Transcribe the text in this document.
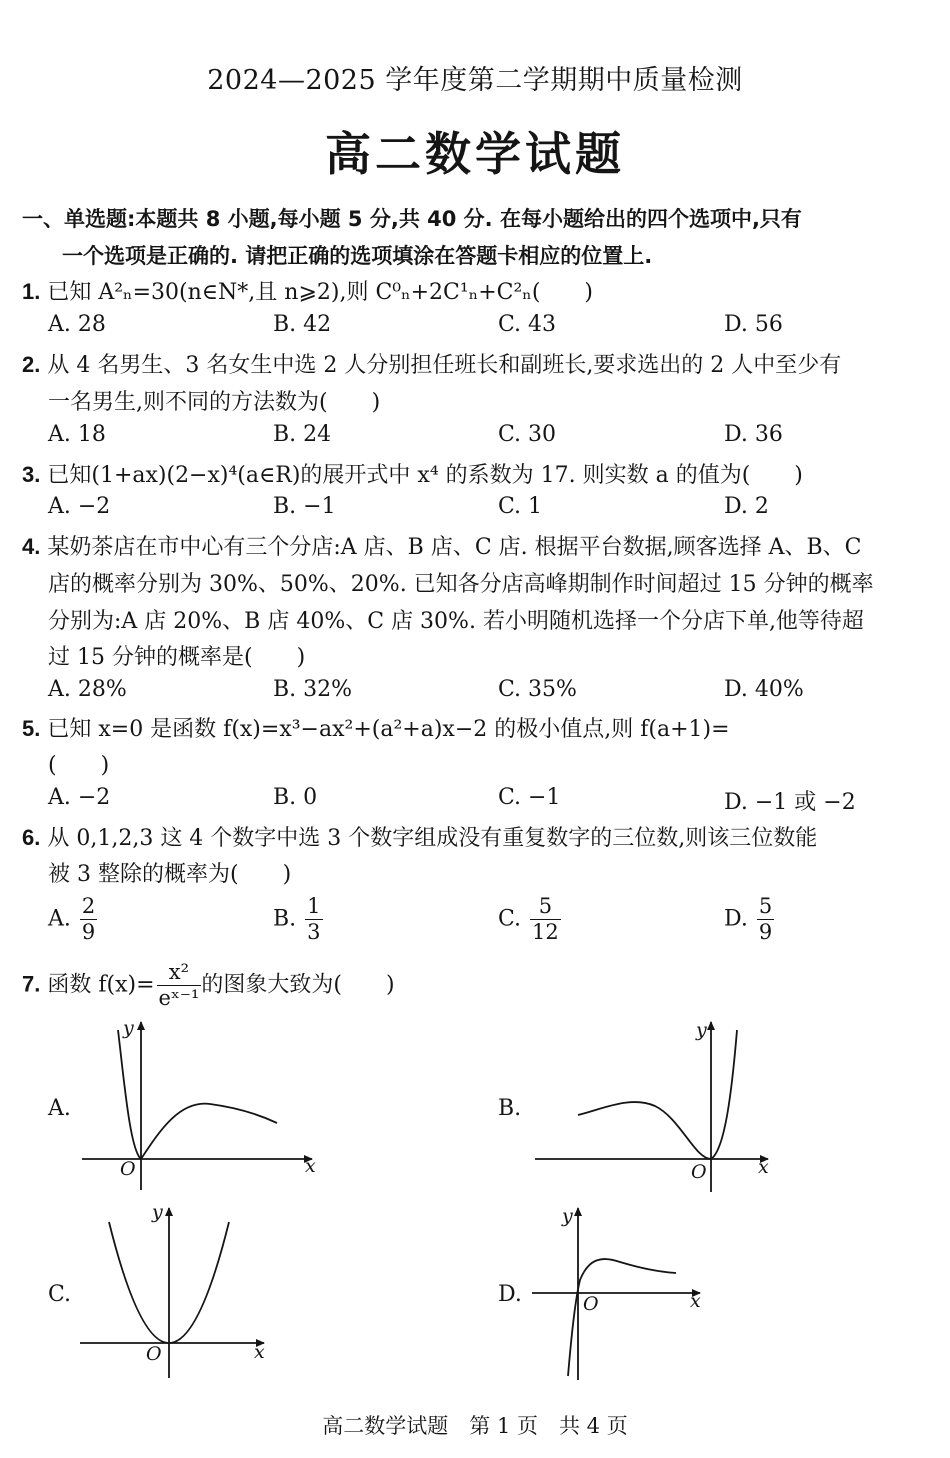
2024—2025 学年度第二学期期中质量检测
高二数学试题
一、单选题:本题共 8 小题,每小题 5 分,共 40 分. 在每小题给出的四个选项中,只有
一个选项是正确的. 请把正确的选项填涂在答题卡相应的位置上.
1. 已知 A²ₙ=30(n∈N*,且 n⩾2),则 C⁰ₙ+2C¹ₙ+C²ₙ(　　)
A. 28	B. 42	C. 43	D. 56
2. 从 4 名男生、3 名女生中选 2 人分别担任班长和副班长,要求选出的 2 人中至少有
一名男生,则不同的方法数为(　　)
A. 18	B. 24	C. 30	D. 36
3. 已知(1+ax)(2−x)⁴(a∈R)的展开式中 x⁴ 的系数为 17. 则实数 a 的值为(　　)
A. −2	B. −1	C. 1	D. 2
4. 某奶茶店在市中心有三个分店:A 店、B 店、C 店. 根据平台数据,顾客选择 A、B、C
店的概率分别为 30%、50%、20%. 已知各分店高峰期制作时间超过 15 分钟的概率
分别为:A 店 20%、B 店 40%、C 店 30%. 若小明随机选择一个分店下单,他等待超
过 15 分钟的概率是(　　)
A. 28%	B. 32%	C. 35%	D. 40%
5. 已知 x=0 是函数 f(x)=x³−ax²+(a²+a)x−2 的极小值点,则 f(a+1)=
(　　)
A. −2	B. 0	C. −1	D. −1 或 −2
6. 从 0,1,2,3 这 4 个数字中选 3 个数字组成没有重复数字的三位数,则该三位数能
被 3 整除的概率为(　　)
A. $\frac{2}{9}$	B. $\frac{1}{3}$	C. $\frac{5}{12}$	D. $\frac{5}{9}$
7. 函数 $f(x)= \frac{\text{x²}}{\text{eˣ⁻¹}}$ 的图象大致为(　　)
A.	B.
C.	D.
y
x
O
y
x
O
y
x
O
y
x
O
高二数学试题　第 1 页　共 4 页
